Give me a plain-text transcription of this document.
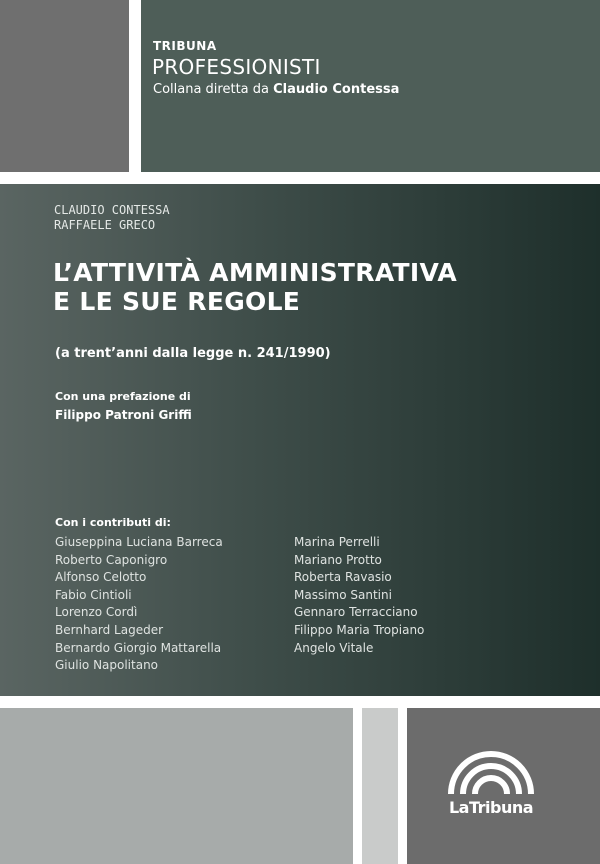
TRIBUNA
PROFESSIONISTI
Collana diretta da Claudio Contessa
CLAUDIO CONTESSA
RAFFAELE GRECO
L’ATTIVITÀ AMMINISTRATIVA
E LE SUE REGOLE
(a trent’anni dalla legge n. 241/1990)
Con una prefazione di
Filippo Patroni Griffi
Con i contributi di:
Giuseppina Luciana Barreca
Roberto Caponigro
Alfonso Celotto
Fabio Cintioli
Lorenzo Cordì
Bernhard Lageder
Bernardo Giorgio Mattarella
Giulio Napolitano
Marina Perrelli
Mariano Protto
Roberta Ravasio
Massimo Santini
Gennaro Terracciano
Filippo Maria Tropiano
Angelo Vitale
LaTribuna
